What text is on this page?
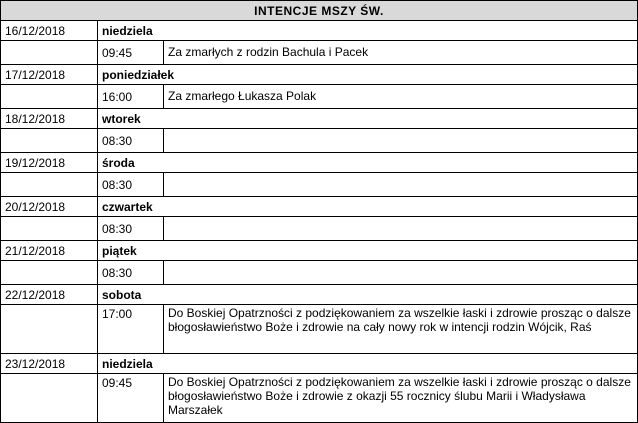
INTENCJE MSZY ŚW.		
16/12/2018	niedziela	
	09:45	Za zmarłych z rodzin Bachula i Pacek
17/12/2018	poniedziałek	
	16:00	Za zmarłego Łukasza Polak
18/12/2018	wtorek	
	08:30	
19/12/2018	środa	
	08:30	
20/12/2018	czwartek	
	08:30	
21/12/2018	piątek	
	08:30	
22/12/2018	sobota	
	17:00	Do Boskiej Opatrzności z podziękowaniem za wszelkie łaski i zdrowie prosząc o dalsze błogosławieństwo Boże i zdrowie na cały nowy rok w intencji rodzin Wójcik, Raś
23/12/2018	niedziela	
	09:45	Do Boskiej Opatrzności z podziękowaniem za wszelkie łaski i zdrowie prosząc o dalsze błogosławieństwo Boże i zdrowie z okazji 55 rocznicy ślubu Marii i Władysława Marszałek
